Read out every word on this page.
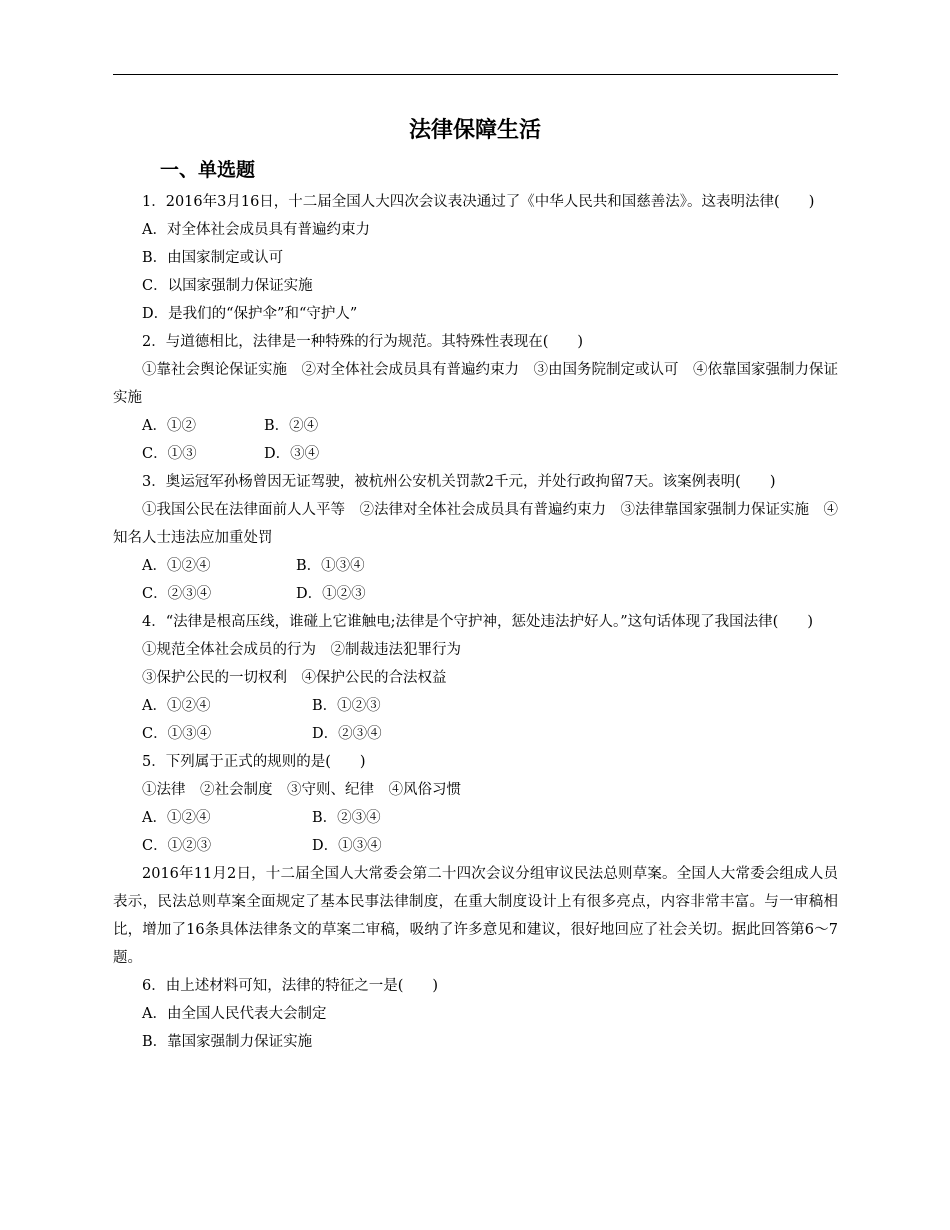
法律保障生活
一、单选题

1．2016年3月16日，十二届全国人大四次会议表决通过了《中华人民共和国慈善法》。这表明法律(　　)

A．对全体社会成员具有普遍约束力

B．由国家制定或认可

C．以国家强制力保证实施

D．是我们的“保护伞”和“守护人”

2．与道德相比，法律是一种特殊的行为规范。其特殊性表现在(　　)

①靠社会舆论保证实施　②对全体社会成员具有普遍约束力　③由国务院制定或认可　④依靠国家强制力保证实施

A．①②	B．②④

C．①③	D．③④

3．奥运冠军孙杨曾因无证驾驶，被杭州公安机关罚款2千元，并处行政拘留7天。该案例表明(　　)

①我国公民在法律面前人人平等　②法律对全体社会成员具有普遍约束力　③法律靠国家强制力保证实施　④知名人士违法应加重处罚

A．①②④	B．①③④

C．②③④	D．①②③

4．“法律是根高压线，谁碰上它谁触电;法律是个守护神，惩处违法护好人。”这句话体现了我国法律(　　)

①规范全体社会成员的行为　②制裁违法犯罪行为

③保护公民的一切权利　④保护公民的合法权益

A．①②④	B．①②③

C．①③④	D．②③④

5．下列属于正式的规则的是(　　)

①法律　②社会制度　③守则、纪律　④风俗习惯

A．①②④	B．②③④

C．①②③	D．①③④

2016年11月2日，十二届全国人大常委会第二十四次会议分组审议民法总则草案。全国人大常委会组成人员表示，民法总则草案全面规定了基本民事法律制度，在重大制度设计上有很多亮点，内容非常丰富。与一审稿相比，增加了16条具体法律条文的草案二审稿，吸纳了许多意见和建议，很好地回应了社会关切。据此回答第6～7题。

6．由上述材料可知，法律的特征之一是(　　)

A．由全国人民代表大会制定

B．靠国家强制力保证实施
